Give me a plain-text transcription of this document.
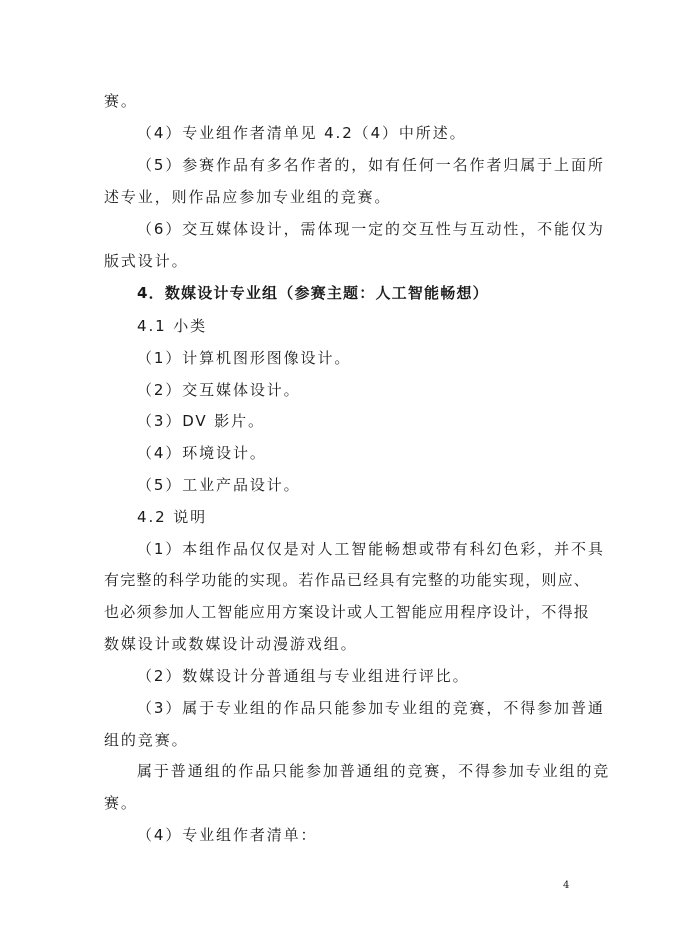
赛。
（4）专业组作者清单见 4.2（4）中所述。
（5）参赛作品有多名作者的，如有任何一名作者归属于上面所
述专业，则作品应参加专业组的竞赛。
（6）交互媒体设计，需体现一定的交互性与互动性，不能仅为
版式设计。
4．数媒设计专业组（参赛主题：人工智能畅想）
4.1 小类
（1）计算机图形图像设计。
（2）交互媒体设计。
（3）DV 影片。
（4）环境设计。
（5）工业产品设计。
4.2 说明
（1）本组作品仅仅是对人工智能畅想或带有科幻色彩，并不具
有完整的科学功能的实现。若作品已经具有完整的功能实现，则应、
也必须参加人工智能应用方案设计或人工智能应用程序设计，不得报
数媒设计或数媒设计动漫游戏组。
（2）数媒设计分普通组与专业组进行评比。
（3）属于专业组的作品只能参加专业组的竞赛，不得参加普通
组的竞赛。
属于普通组的作品只能参加普通组的竞赛，不得参加专业组的竞
赛。
（4）专业组作者清单：
4
